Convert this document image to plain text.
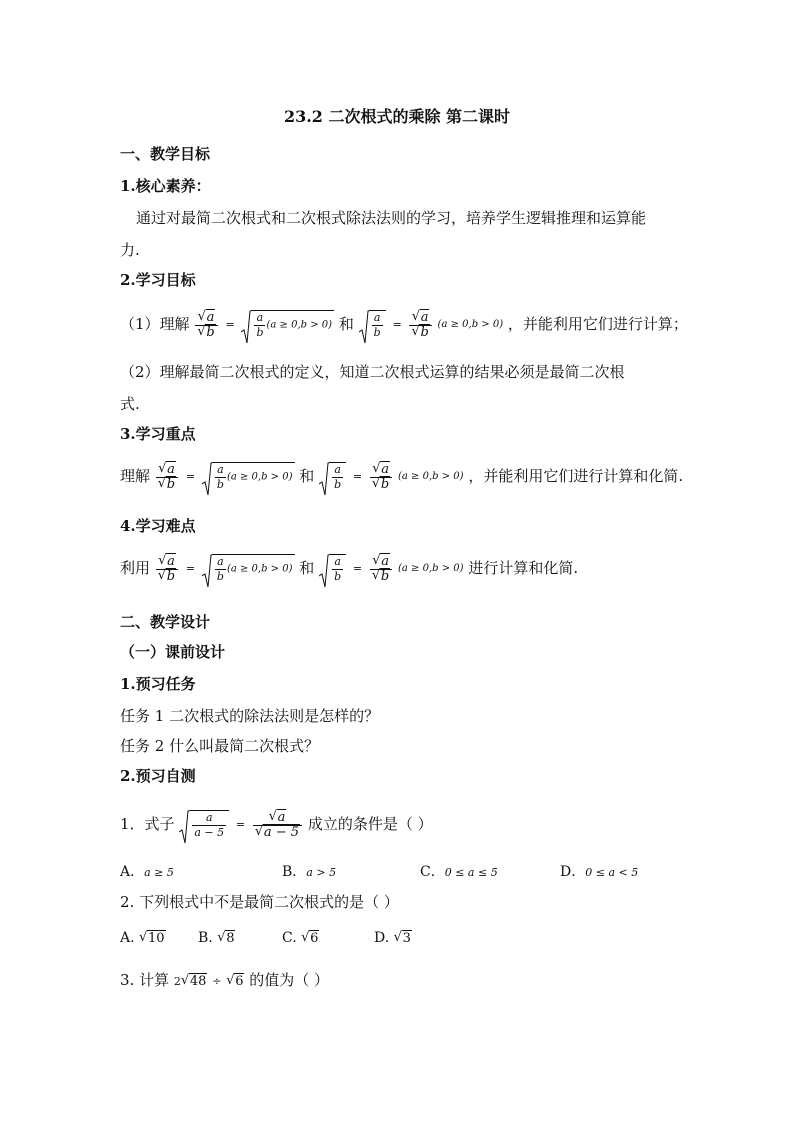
23.2 二次根式的乘除 第二课时
一、教学目标
1.核心素养：
通过对最简二次根式和二次根式除法法则的学习，培养学生逻辑推理和运算能
力.
2.学习目标
（1）理解 $\frac{√ a}{√ b} = \frac{a}{b} (a \ge 0,b > 0)$ 和 $\frac{a}{b} = \frac{√ a}{√ b} (a \ge 0,b > 0)$ ，并能利用它们进行计算；
（2）理解最简二次根式的定义，知道二次根式运算的结果必须是最简二次根
式.
3.学习重点
理解 $\frac{√ a}{√ b} = \frac{a}{b} (a \ge 0,b > 0)$ 和 $\frac{a}{b} = \frac{√ a}{√ b} (a \ge 0,b > 0)$ ，并能利用它们进行计算和化简.
4.学习难点
利用 $\frac{√ a}{√ b} = \frac{a}{b} (a \ge 0,b > 0)$ 和 $\frac{a}{b} = \frac{√ a}{√ b} (a \ge 0,b > 0)$ 进行计算和化简.
二、教学设计
（一）课前设计
1.预习任务
任务 1 二次根式的除法法则是怎样的？
任务 2 什么叫最简二次根式？
2.预习自测
1．式子 $\frac{a}{a - 5} = \frac{√ a}{√ a - 5}$ 成立的条件是（ ）
A．a ≥ 5	B．a > 5	C．0 ≤ a ≤ 5	D．0 ≤ a < 5
2. 下列根式中不是最简二次根式的是（ ）
A. √ 10 B. √ 8	C. √ 6	D. √ 3
3. 计算 2 √ 48 ÷ √ 6 的值为（ ）
